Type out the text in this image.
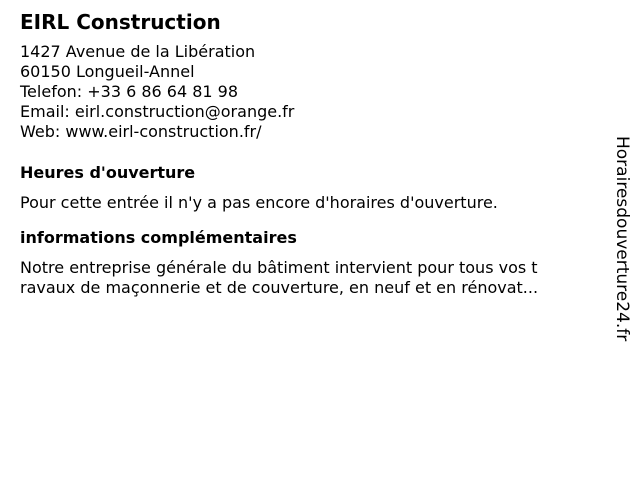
EIRL Construction
1427 Avenue de la Libération
60150 Longueil-Annel
Telefon: +33 6 86 64 81 98
Email: eirl.construction@orange.fr
Web: www.eirl-construction.fr/
Heures d'ouverture
Pour cette entrée il n'y a pas encore d'horaires d'ouverture.
informations complémentaires
Notre entreprise générale du bâtiment intervient pour tous vos t
ravaux de maçonnerie et de couverture, en neuf et en rénovat...	Horairesdouverture24.fr
